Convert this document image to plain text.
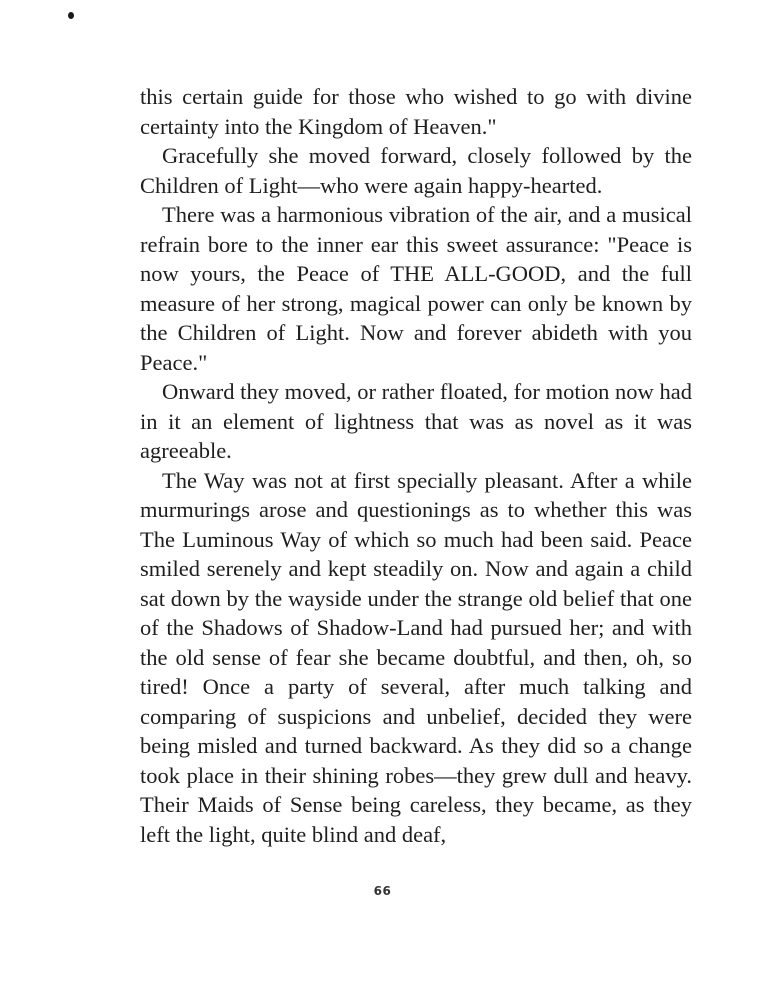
this certain guide for those who wished to go with divine certainty into the Kingdom of Heaven."

Gracefully she moved forward, closely followed by the Children of Light—who were again happy-hearted.

There was a harmonious vibration of the air, and a musical refrain bore to the inner ear this sweet assurance: "Peace is now yours, the Peace of THE ALL-GOOD, and the full measure of her strong, magical power can only be known by the Children of Light. Now and forever abideth with you Peace."

Onward they moved, or rather floated, for motion now had in it an element of lightness that was as novel as it was agreeable.

The Way was not at first specially pleasant. After a while murmurings arose and questionings as to whether this was The Luminous Way of which so much had been said. Peace smiled serenely and kept steadily on. Now and again a child sat down by the wayside under the strange old belief that one of the Shadows of Shadow-Land had pursued her; and with the old sense of fear she became doubtful, and then, oh, so tired! Once a party of several, after much talking and comparing of suspicions and unbelief, decided they were being misled and turned backward. As they did so a change took place in their shining robes—they grew dull and heavy. Their Maids of Sense being careless, they became, as they left the light, quite blind and deaf,

66
